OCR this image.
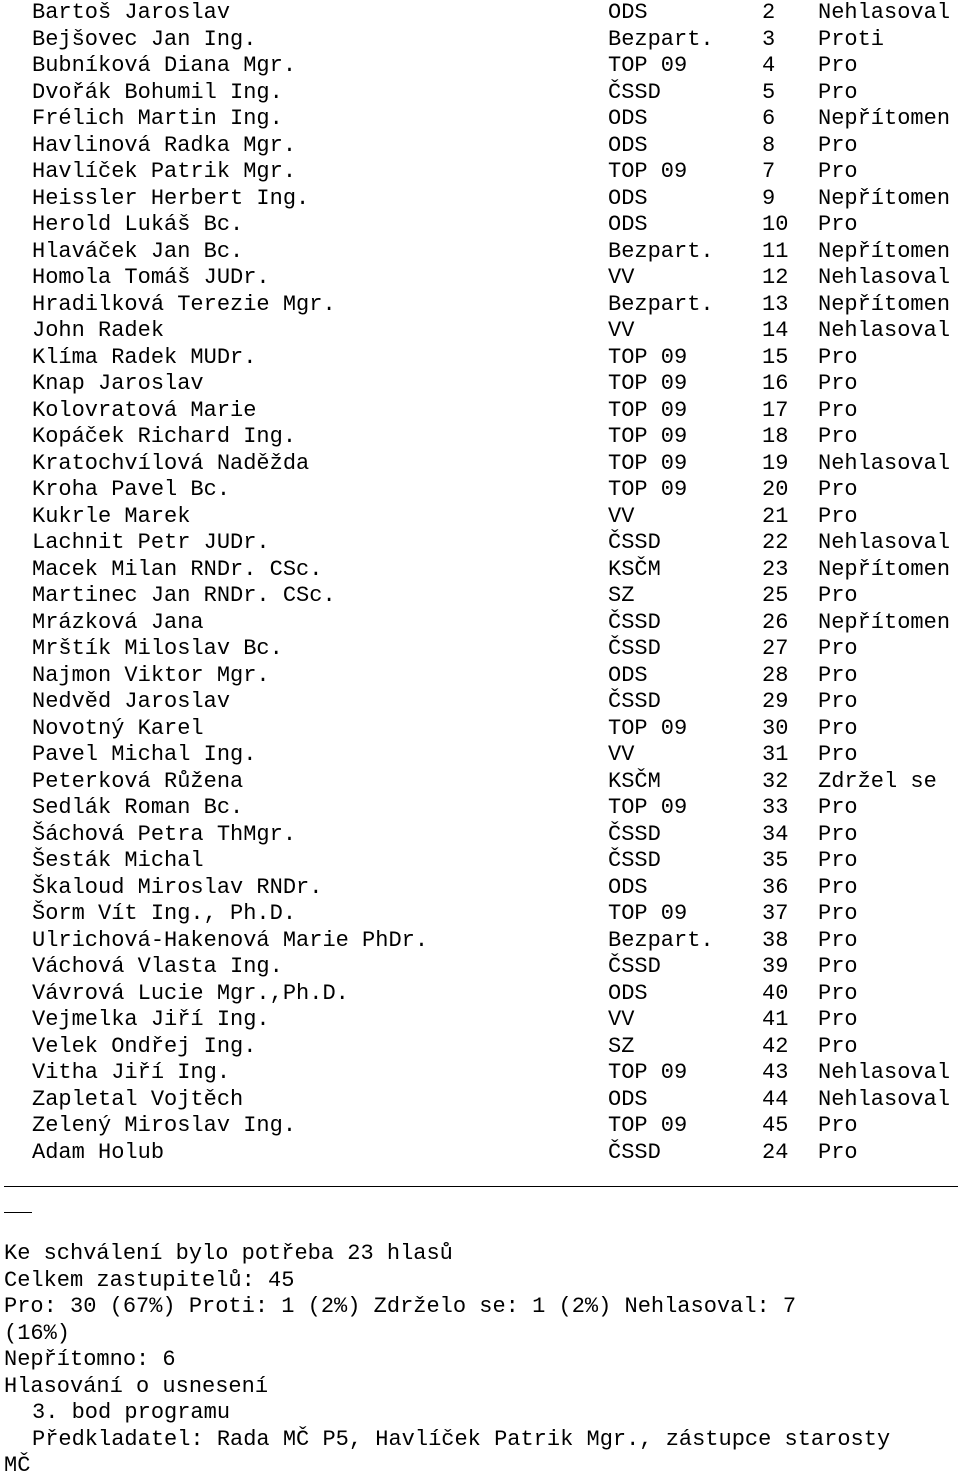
Bartoš Jaroslav	ODS	2 Nehlasoval
Bejšovec Jan Ing.	Bezpart. 3 Proti
Bubníková Diana Mgr.	TOP 09	4 Pro
Dvořák Bohumil Ing.	ČSSD	5 Pro
Frélich Martin Ing.	ODS	6 Nepřítomen
Havlinová Radka Mgr.	ODS	8 Pro
Havlíček Patrik Mgr.	TOP 09	7 Pro
Heissler Herbert Ing.	ODS	9 Nepřítomen
Herold Lukáš Bc.	ODS	10 Pro
Hlaváček Jan Bc.	Bezpart. 11 Nepřítomen
Homola Tomáš JUDr.	VV	12 Nehlasoval
Hradilková Terezie Mgr.	Bezpart. 13 Nepřítomen
John Radek	VV	14 Nehlasoval
Klíma Radek MUDr.	TOP 09	15 Pro
Knap Jaroslav	TOP 09	16 Pro
Kolovratová Marie	TOP 09	17 Pro
Kopáček Richard Ing.	TOP 09	18 Pro
Kratochvílová Naděžda	TOP 09	19 Nehlasoval
Kroha Pavel Bc.	TOP 09	20 Pro
Kukrle Marek	VV	21 Pro
Lachnit Petr JUDr.	ČSSD	22 Nehlasoval
Macek Milan RNDr. CSc.	KSČM	23 Nepřítomen
Martinec Jan RNDr. CSc.	SZ	25 Pro
Mrázková Jana	ČSSD	26 Nepřítomen
Mrštík Miloslav Bc.	ČSSD	27 Pro
Najmon Viktor Mgr.	ODS	28 Pro
Nedvěd Jaroslav	ČSSD	29 Pro
Novotný Karel	TOP 09	30 Pro
Pavel Michal Ing.	VV	31 Pro
Peterková Růžena	KSČM	32 Zdržel se
Sedlák Roman Bc.	TOP 09	33 Pro
Šáchová Petra ThMgr.	ČSSD	34 Pro
Šesták Michal	ČSSD	35 Pro
Škaloud Miroslav RNDr.	ODS	36 Pro
Šorm Vít Ing., Ph.D.	TOP 09	37 Pro
Ulrichová-Hakenová Marie PhDr.	Bezpart. 38 Pro
Váchová Vlasta Ing.	ČSSD	39 Pro
Vávrová Lucie Mgr.,Ph.D.	ODS	40 Pro
Vejmelka Jiří Ing.	VV	41 Pro
Velek Ondřej Ing.	SZ	42 Pro
Vitha Jiří Ing.	TOP 09	43 Nehlasoval
Zapletal Vojtěch	ODS	44 Nehlasoval
Zelený Miroslav Ing.	TOP 09	45 Pro
Adam Holub	ČSSD	24 Pro
Ke schválení bylo potřeba 23 hlasů
Celkem zastupitelů: 45
Pro: 30 (67%) Proti: 1 (2%) Zdrželo se: 1 (2%) Nehlasoval: 7
(16%)
Nepřítomno: 6
Hlasování o usnesení
3. bod programu
Předkladatel: Rada MČ P5, Havlíček Patrik Mgr., zástupce starosty
MČ
